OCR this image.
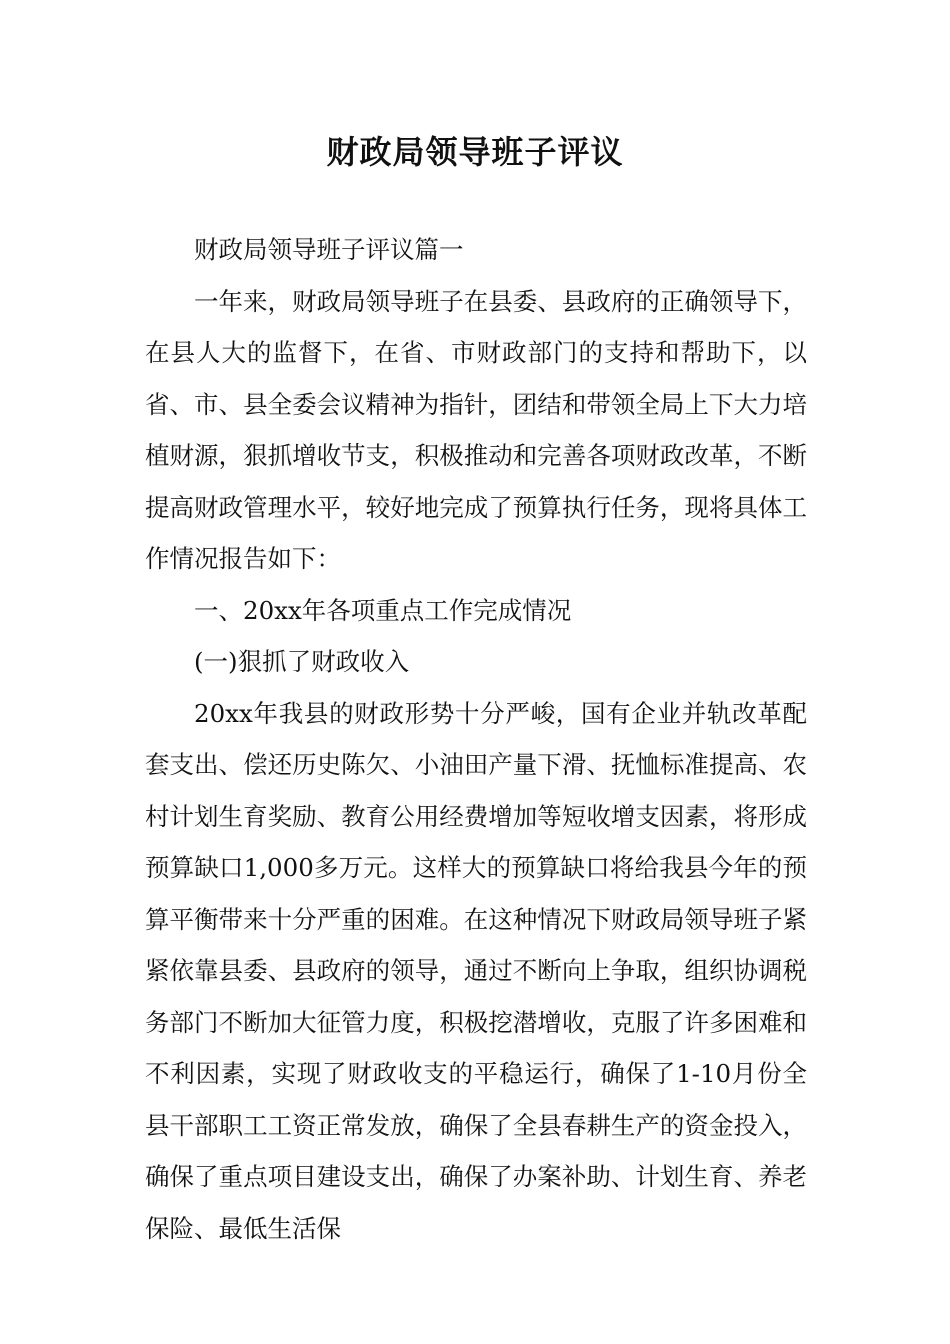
财政局领导班子评议

财政局领导班子评议篇一

一年来，财政局领导班子在县委、县政府的正确领导下，在县人大的监督下，在省、市财政部门的支持和帮助下，以省、市、县全委会议精神为指针，团结和带领全局上下大力培植财源，狠抓增收节支，积极推动和完善各项财政改革，不断提高财政管理水平，较好地完成了预算执行任务，现将具体工作情况报告如下：

一、20xx年各项重点工作完成情况

(一)狠抓了财政收入

20xx年我县的财政形势十分严峻，国有企业并轨改革配套支出、偿还历史陈欠、小油田产量下滑、抚恤标准提高、农村计划生育奖励、教育公用经费增加等短收增支因素，将形成预算缺口1,000多万元。这样大的预算缺口将给我县今年的预算平衡带来十分严重的困难。在这种情况下财政局领导班子紧紧依靠县委、县政府的领导，通过不断向上争取，组织协调税务部门不断加大征管力度，积极挖潜增收，克服了许多困难和不利因素，实现了财政收支的平稳运行，确保了1-10月份全县干部职工工资正常发放，确保了全县春耕生产的资金投入，确保了重点项目建设支出，确保了办案补助、计划生育、养老保险、最低生活保
